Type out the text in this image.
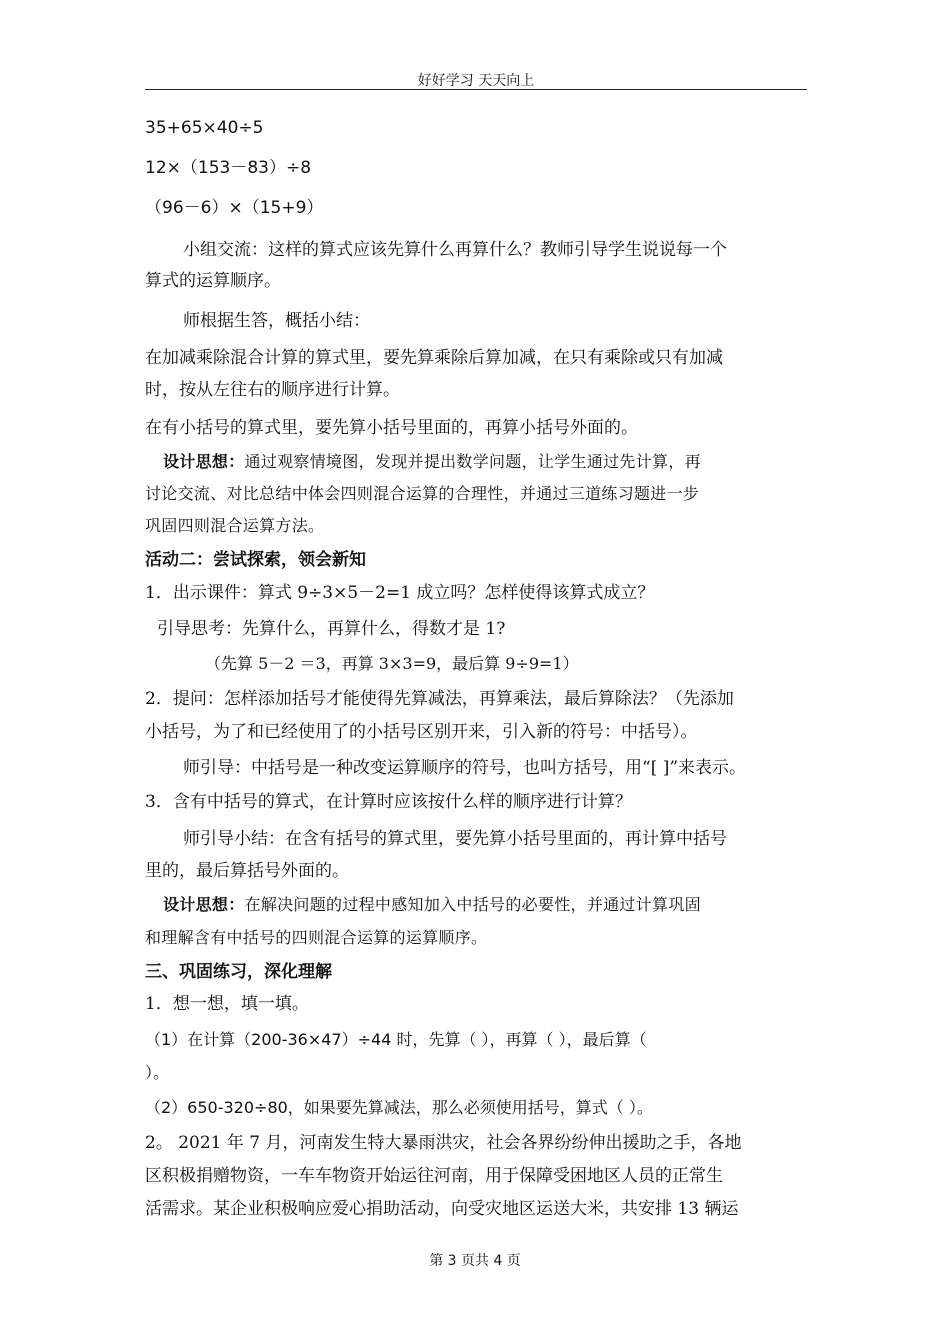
好好学习 天天向上
35+65×40÷5
12×（153－83）÷8
（96－6）×（15+9）
小组交流：这样的算式应该先算什么再算什么？教师引导学生说说每一个
算式的运算顺序。
师根据生答，概括小结：
在加减乘除混合计算的算式里，要先算乘除后算加减，在只有乘除或只有加减
时，按从左往右的顺序进行计算。
在有小括号的算式里，要先算小括号里面的，再算小括号外面的。
设计思想：通过观察情境图，发现并提出数学问题，让学生通过先计算，再
讨论交流、对比总结中体会四则混合运算的合理性，并通过三道练习题进一步
巩固四则混合运算方法。
活动二：尝试探索，领会新知
1．出示课件：算式 9÷3×5－2=1 成立吗？怎样使得该算式成立？
引导思考：先算什么，再算什么，得数才是 1?
（先算 5－2 ＝3，再算 3×3=9，最后算 9÷9=1）
2．提问：怎样添加括号才能使得先算减法，再算乘法，最后算除法？（先添加
小括号，为了和已经使用了的小括号区别开来，引入新的符号：中括号）。
师引导：中括号是一种改变运算顺序的符号，也叫方括号，用“[ ]”来表示。
3．含有中括号的算式，在计算时应该按什么样的顺序进行计算？
师引导小结：在含有括号的算式里，要先算小括号里面的，再计算中括号
里的，最后算括号外面的。
设计思想：在解决问题的过程中感知加入中括号的必要性，并通过计算巩固
和理解含有中括号的四则混合运算的运算顺序。
三、巩固练习，深化理解
1．想一想，填一填。
（1）在计算（200-36×47）÷44 时，先算（ ），再算（ ），最后算（
）。
（2）650-320÷80，如果要先算减法，那么必须使用括号，算式（ ）。
2。 2021 年 7 月，河南发生特大暴雨洪灾，社会各界纷纷伸出援助之手，各地
区积极捐赠物资，一车车物资开始运往河南，用于保障受困地区人员的正常生
活需求。某企业积极响应爱心捐助活动，向受灾地区运送大米，共安排 13 辆运
第 3 页共 4 页
